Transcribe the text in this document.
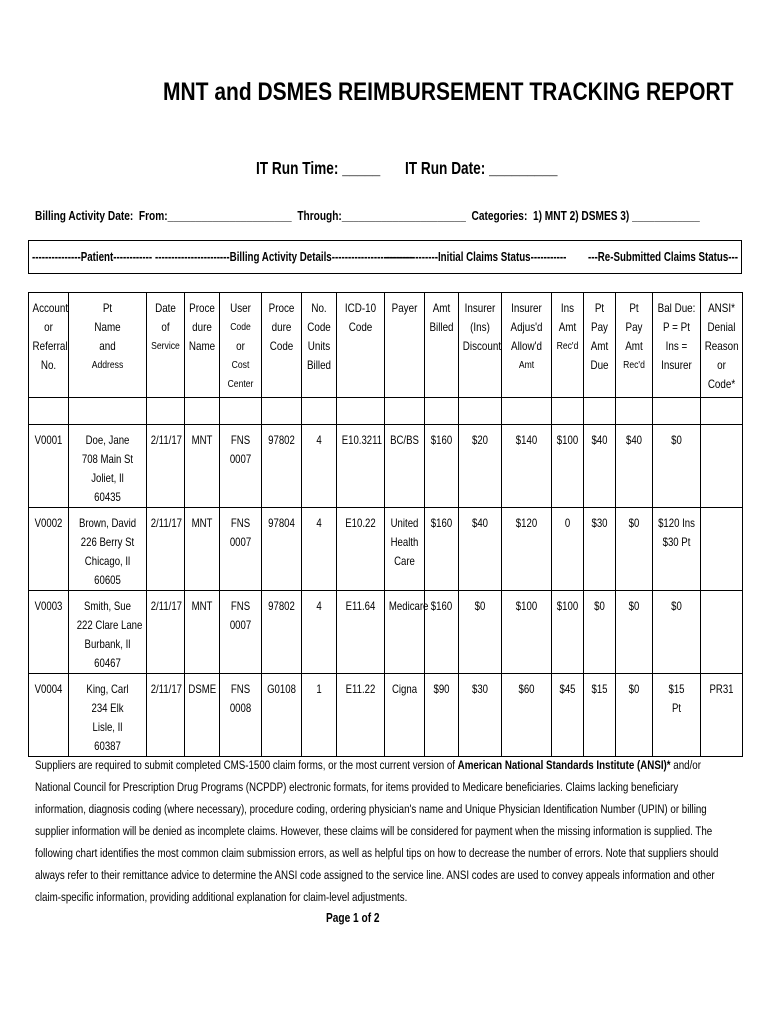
MNT and DSMES REIMBURSEMENT TRACKING REPORT
IT Run Time: _____ IT Run Date: _________
Billing Activity Date: From:______________________ Through:______________________ Categories: 1) MNT 2) DSMES 3) ____________
---------------Patient------------ -----------------------Billing Activity Details-------------------------
----------------Initial Claims Status----------- ---Re-Submitted Claims Status---
Account
or
Referral
No.	Pt
Name
and
Address	Date
of
Service	Proce
dure
Name	User
Code
or
Cost
Center	Proce
dure
Code	No.
Code
Units
Billed	ICD-10
Code	Payer	Amt
Billed	Insurer
(Ins)
Discount	Insurer
Adjus'd
Allow'd
Amt	Ins
Amt
Rec'd	Pt
Pay
Amt
Due	Pt
Pay
Amt
Rec'd	Bal Due:
P = Pt
Ins =
Insurer	ANSI*
Denial
Reason
or
Code*

V0001	Doe, Jane
708 Main St
Joliet, Il
60435	2/11/17	MNT	FNS
0007	97802	4	E10.3211	BC/BS	$160	$20	$140	$100	$40	$40	$0	

V0002	Brown, David
226 Berry St
Chicago, Il
60605	2/11/17	MNT	FNS
0007	97804	4	E10.22	United
Health
Care	$160	$40	$120	0	$30	$0	$120 Ins
$30 Pt	

V0003	Smith, Sue
222 Clare Lane
Burbank, Il
60467	2/11/17	MNT	FNS
0007	97802	4	E11.64	Medicare	$160	$0	$100	$100	$0	$0	$0	

V0004	King, Carl
234 Elk
Lisle, Il
60387	2/11/17	DSME	FNS
0008	G0108	1	E11.22	Cigna	$90	$30	$60	$45	$15	$0	$15
Pt	PR31
Suppliers are required to submit completed CMS-1500 claim forms, or the most current version of American National Standards Institute (ANSI)* and/or National Council for Prescription Drug Programs (NCPDP) electronic formats, for items provided to Medicare beneficiaries. Claims lacking beneficiary information, diagnosis coding (where necessary), procedure coding, ordering physician's name and Unique Physician Identification Number (UPIN) or billing supplier information will be denied as incomplete claims. However, these claims will be considered for payment when the missing information is supplied. The following chart identifies the most common claim submission errors, as well as helpful tips on how to decrease the number of errors. Note that suppliers should always refer to their remittance advice to determine the ANSI code assigned to the service line. ANSI codes are used to convey appeals information and other claim-specific information, providing additional explanation for claim-level adjustments.
Page 1 of 2
